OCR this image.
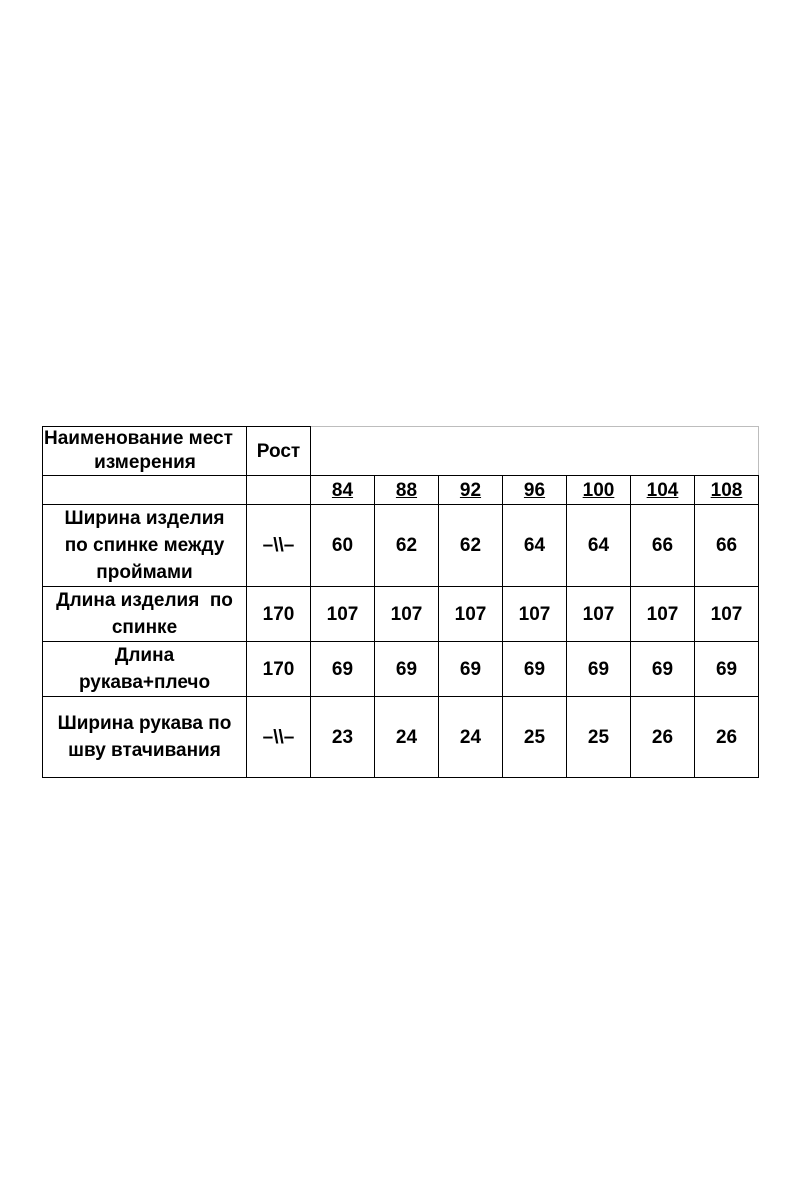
Наименование мест
измерения	Рост							
		84	88	92	96	100	104	108

Ширина изделия
по спинке между
проймами	–\\–	60	62	62	64	64	66	66

Длина изделия  по
спинке	170	107	107	107	107	107	107	107

Длина
рукава+плечо	170	69	69	69	69	69	69	69

Ширина рукава по
шву втачивания	–\\–	23	24	24	25	25	26	26
